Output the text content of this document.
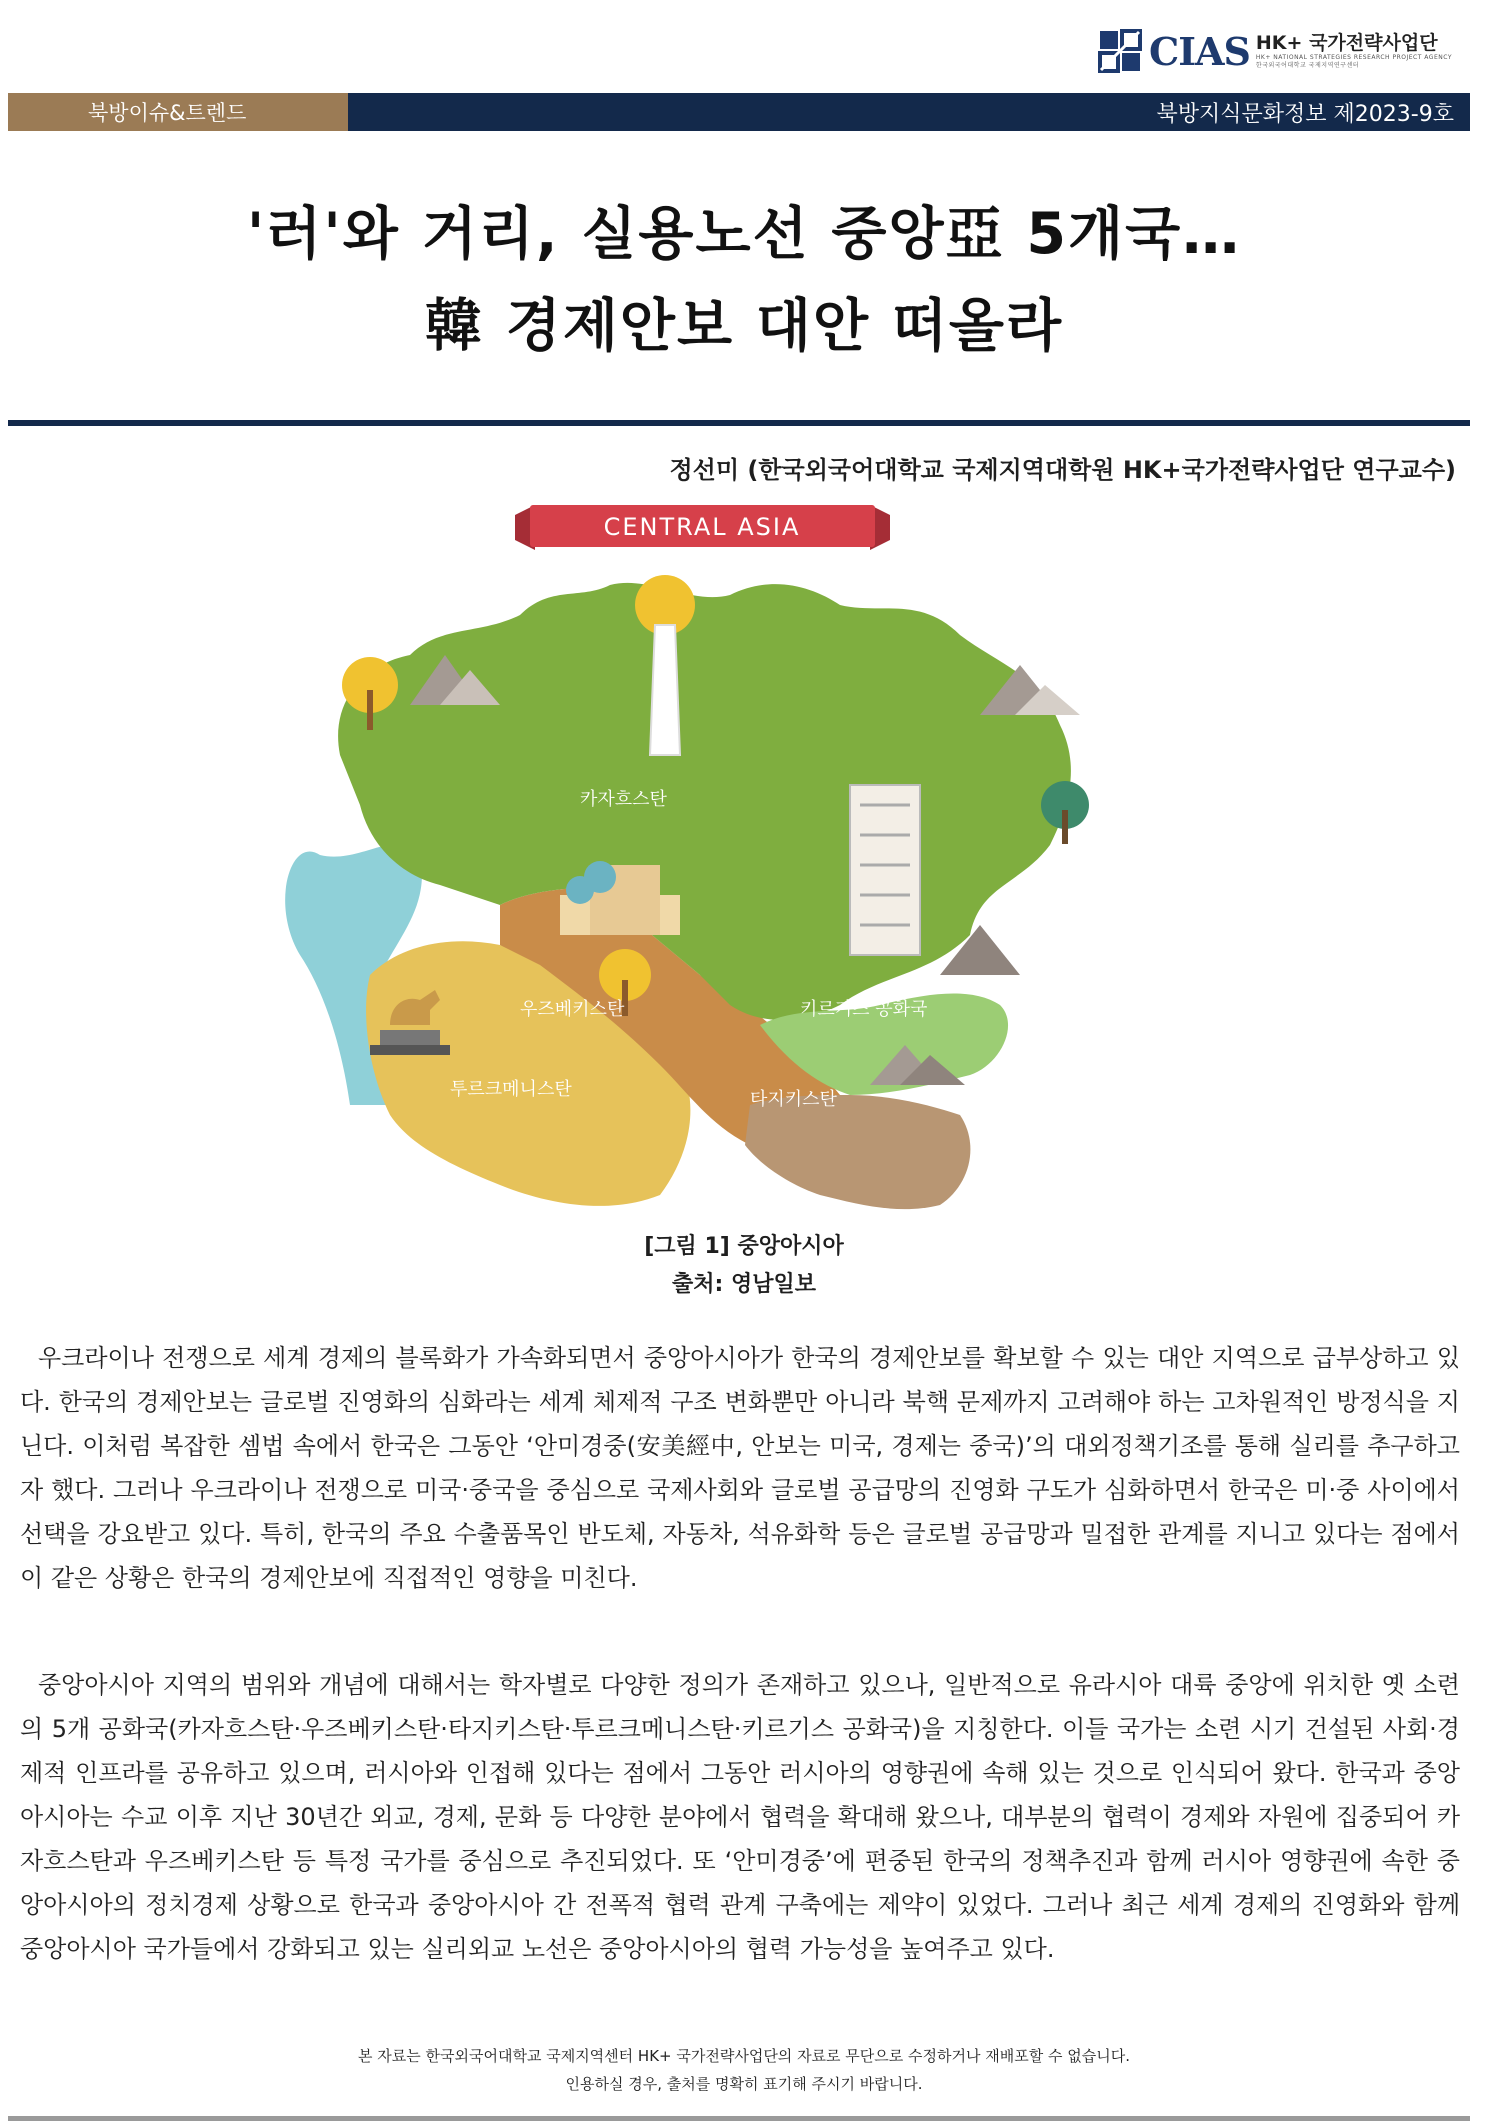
CIAS HK+ 국가전략사업단
HK+ NATIONAL STRATEGIES RESEARCH PROJECT AGENCY
한국외국어대학교 국제지역연구센터
북방이슈&트렌드	북방지식문화정보 제2023-9호
'러'와 거리, 실용노선 중앙亞 5개국…
韓 경제안보 대안 떠올라
정선미 (한국외국어대학교 국제지역대학원 HK+국가전략사업단 연구교수)
CENTRAL ASIA
카자흐스탄
우즈베키스탄	키르기즈 공화국
투르크메니스탄	타지키스탄
[그림 1] 중앙아시아
출처: 영남일보

우크라이나 전쟁으로 세계 경제의 블록화가 가속화되면서 중앙아시아가 한국의 경제안보를 확보할 수 있는 대안 지역으로 급부상하고 있다. 한국의 경제안보는 글로벌 진영화의 심화라는 세계 체제적 구조 변화뿐만 아니라 북핵 문제까지 고려해야 하는 고차원적인 방정식을 지닌다. 이처럼 복잡한 셈법 속에서 한국은 그동안 ‘안미경중(安美經中, 안보는 미국, 경제는 중국)’의 대외정책기조를 통해 실리를 추구하고자 했다. 그러나 우크라이나 전쟁으로 미국·중국을 중심으로 국제사회와 글로벌 공급망의 진영화 구도가 심화하면서 한국은 미·중 사이에서 선택을 강요받고 있다. 특히, 한국의 주요 수출품목인 반도체, 자동차, 석유화학 등은 글로벌 공급망과 밀접한 관계를 지니고 있다는 점에서 이 같은 상황은 한국의 경제안보에 직접적인 영향을 미친다.

중앙아시아 지역의 범위와 개념에 대해서는 학자별로 다양한 정의가 존재하고 있으나, 일반적으로 유라시아 대륙 중앙에 위치한 옛 소련의 5개 공화국(카자흐스탄·우즈베키스탄·타지키스탄·투르크메니스탄·키르기스 공화국)을 지칭한다. 이들 국가는 소련 시기 건설된 사회·경제적 인프라를 공유하고 있으며, 러시아와 인접해 있다는 점에서 그동안 러시아의 영향권에 속해 있는 것으로 인식되어 왔다. 한국과 중앙아시아는 수교 이후 지난 30년간 외교, 경제, 문화 등 다양한 분야에서 협력을 확대해 왔으나, 대부분의 협력이 경제와 자원에 집중되어 카자흐스탄과 우즈베키스탄 등 특정 국가를 중심으로 추진되었다. 또 ‘안미경중’에 편중된 한국의 정책추진과 함께 러시아 영향권에 속한 중앙아시아의 정치경제 상황으로 한국과 중앙아시아 간 전폭적 협력 관계 구축에는 제약이 있었다. 그러나 최근 세계 경제의 진영화와 함께 중앙아시아 국가들에서 강화되고 있는 실리외교 노선은 중앙아시아의 협력 가능성을 높여주고 있다.

본 자료는 한국외국어대학교 국제지역센터 HK+ 국가전략사업단의 자료로 무단으로 수정하거나 재배포할 수 없습니다.
인용하실 경우, 출처를 명확히 표기해 주시기 바랍니다.
